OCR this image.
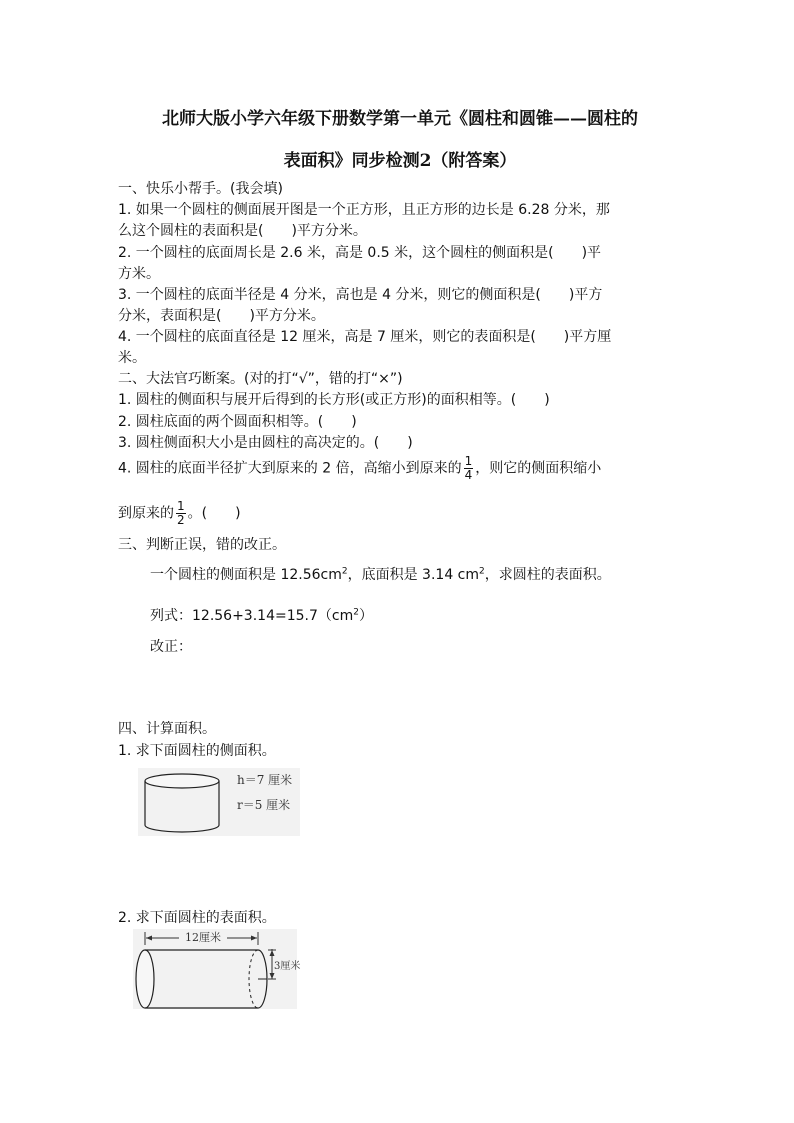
北师大版小学六年级下册数学第一单元《圆柱和圆锥——圆柱的

表面积》同步检测2（附答案）

一、快乐小帮手。(我会填)

1. 如果一个圆柱的侧面展开图是一个正方形，且正方形的边长是 6.28 分米，那

么这个圆柱的表面积是(　　)平方分米。

2. 一个圆柱的底面周长是 2.6 米，高是 0.5 米，这个圆柱的侧面积是(　　)平

方米。

3. 一个圆柱的底面半径是 4 分米，高也是 4 分米，则它的侧面积是(　　)平方

分米，表面积是(　　)平方分米。

4. 一个圆柱的底面直径是 12 厘米，高是 7 厘米，则它的表面积是(　　)平方厘

米。

二、大法官巧断案。(对的打“√”，错的打“×”)

1. 圆柱的侧面积与展开后得到的长方形(或正方形)的面积相等。(　　)

2. 圆柱底面的两个圆面积相等。(　　)

3. 圆柱侧面积大小是由圆柱的高决定的。(　　)

4. 圆柱的底面半径扩大到原来的 2 倍，高缩小到原来的 $\frac{1}{4}$ ，则它的侧面积缩小

到原来的 $\frac{1}{2}$ 。(　　)

三、判断正误，错的改正。

一个圆柱的侧面积是 $12.56cm^2$，底面积是 3.14 $cm^2$，求圆柱的表面积。

列式：$12.56+3.14=15.7(cm^2)$

改正：

四、计算面积。

1. 求下面圆柱的侧面积。

h＝7 厘米
r＝5 厘米

2. 求下面圆柱的表面积。

12厘米
3厘米
